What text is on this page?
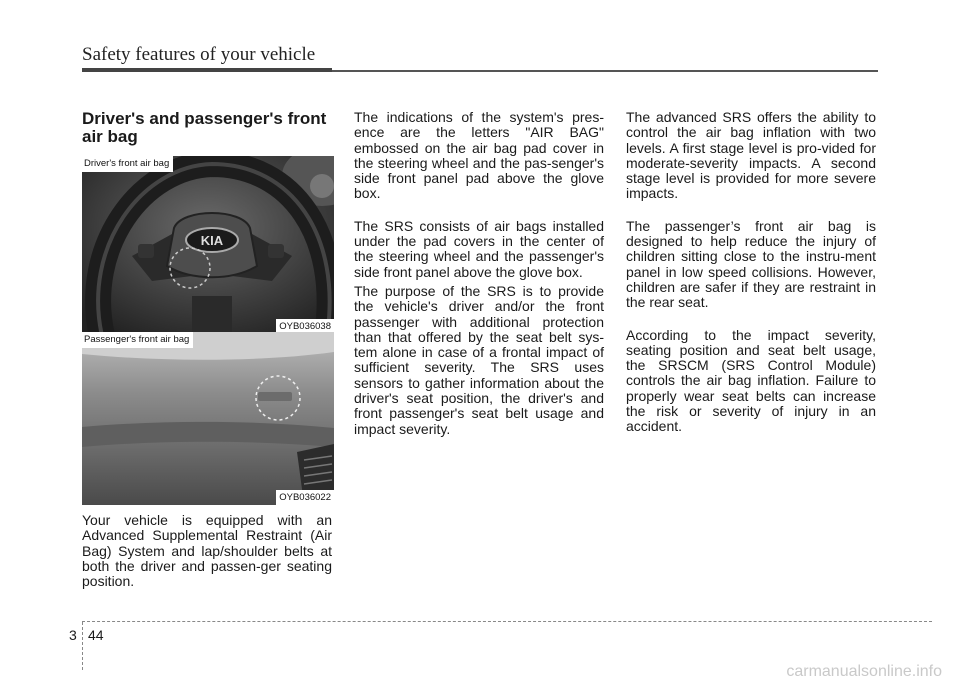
Safety features of your vehicle
Driver's and passenger's front air bag
KIA
Driver's front air bag
OYB036038
Passenger's front air bag
OYB036022
Your vehicle is equipped with an Advanced Supplemental Restraint (Air Bag) System and lap/shoulder belts at both the driver and passen-ger seating position.

The indications of the system's pres-ence are the letters "AIR BAG" embossed on the air bag pad cover in the steering wheel and the pas-senger's side front panel pad above the glove box.

The SRS consists of air bags installed under the pad covers in the center of the steering wheel and the passenger's side front panel above the glove box.

The purpose of the SRS is to provide the vehicle's driver and/or the front passenger with additional protection than that offered by the seat belt sys-tem alone in case of a frontal impact of sufficient severity. The SRS uses sensors to gather information about the driver's seat position, the driver's and front passenger's seat belt usage and impact severity.

The advanced SRS offers the ability to control the air bag inflation with two levels. A first stage level is pro-vided for moderate-severity impacts. A second stage level is provided for more severe impacts.

The passenger’s front air bag is designed to help reduce the injury of children sitting close to the instru-ment panel in low speed collisions. However, children are safer if they are restraint in the rear seat.

According to the impact severity, seating position and seat belt usage, the SRSCM (SRS Control Module) controls the air bag inflation. Failure to properly wear seat belts can increase the risk or severity of injury in an accident.

3 44
carmanualsonline.info
